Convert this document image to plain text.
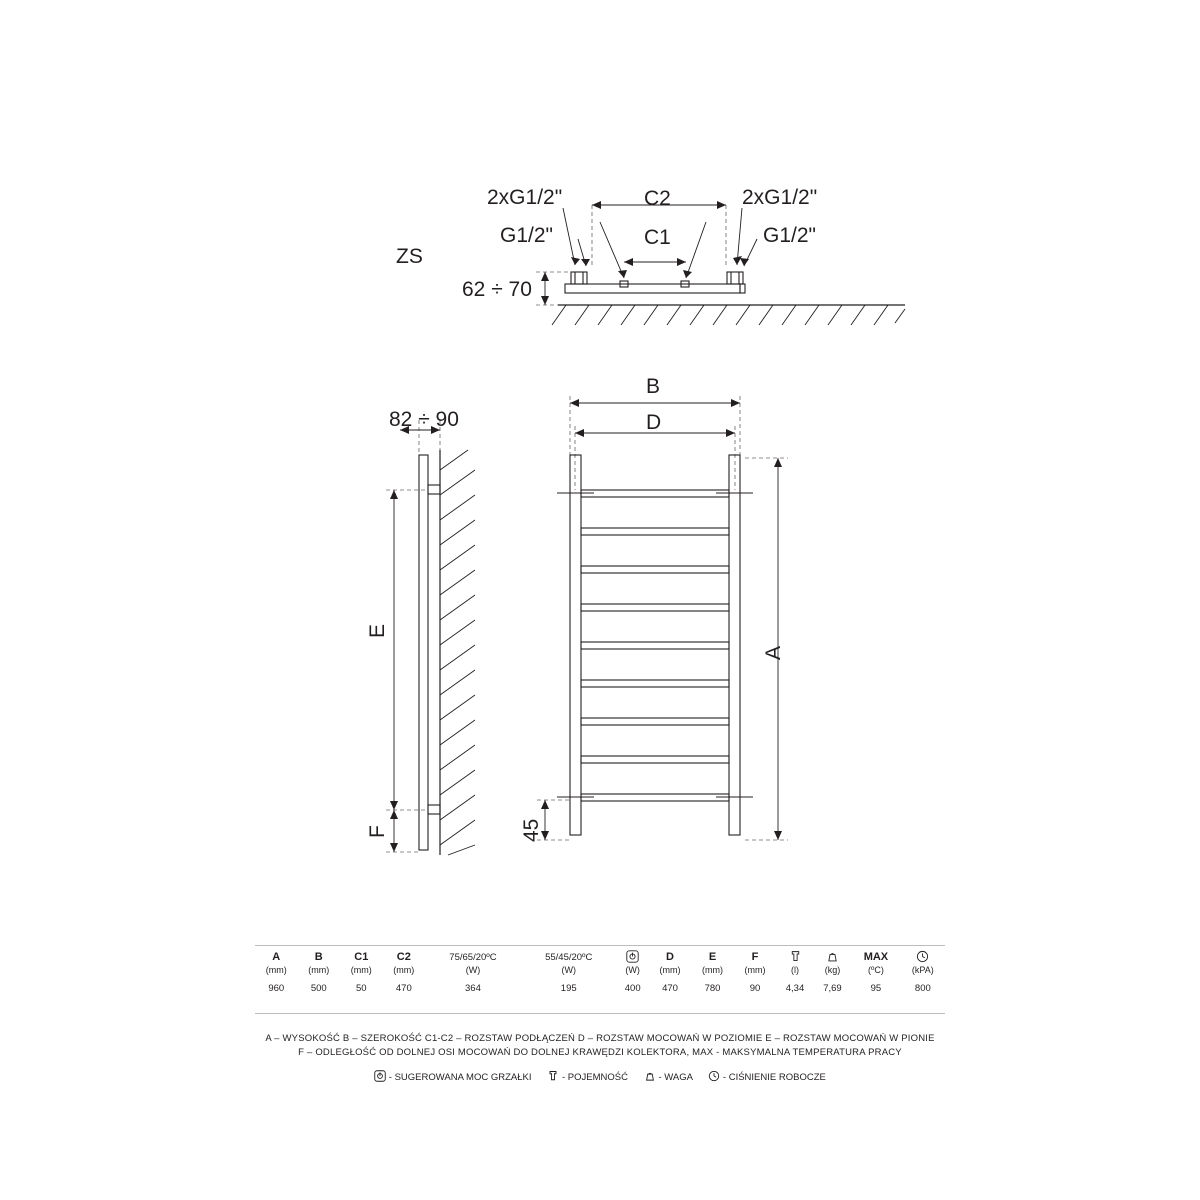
ZS
2xG1/2"	2xG1/2"
G1/2"	G1/2"
C2
C1
62 ÷ 70
82 ÷ 90
E
F
B
D
A
45
A	B	C1	C2	75/65/20ºC	55/45/20ºC		D	E	F			MAX	

(mm)	(mm)	(mm)	(mm)	(W)	(W)	(W)	(mm)	(mm)	(mm)	(l)	(kg)	(ºC)	(kPA)
960	500	50	470	364	195	400	470	780	90	4,34	7,69	95	800
A – WYSOKOŚĆ B – SZEROKOŚĆ C1-C2 – ROZSTAW PODŁĄCZEŃ D – ROZSTAW MOCOWAŃ W POZIOMIE E – ROZSTAW MOCOWAŃ W PIONIE
F – ODLEGŁOŚĆ OD DOLNEJ OSI MOCOWAŃ DO DOLNEJ KRAWĘDZI KOLEKTORA, MAX - MAKSYMALNA TEMPERATURA PRACY
- SUGEROWANA MOC GRZAŁKI	- POJEMNOŚĆ	- WAGA	- CIŚNIENIE ROBOCZE
